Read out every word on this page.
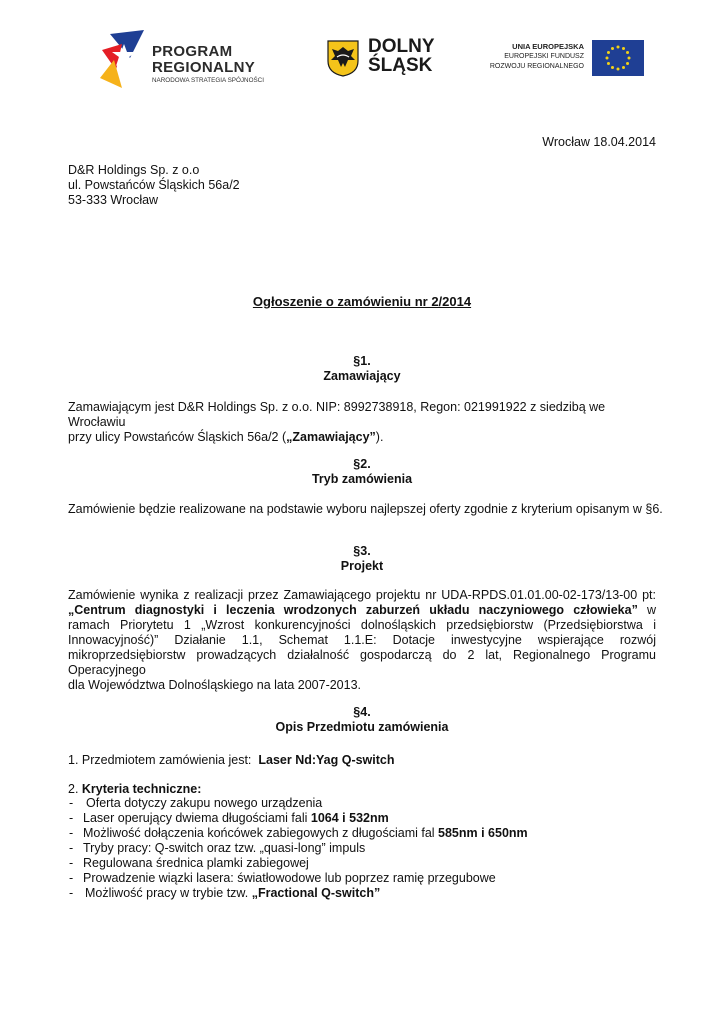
PROGRAM
REGIONALNY
NARODOWA STRATEGIA SPÓJNOŚCI
DOLNY
ŚLĄSK
UNIA EUROPEJSKA
EUROPEJSKI FUNDUSZ
ROZWOJU REGIONALNEGO
Wrocław 18.04.2014
D&R Holdings Sp. z o.o
ul. Powstańców Śląskich 56a/2
53-333 Wrocław
Ogłoszenie o zamówieniu nr 2/2014
§1.
Zamawiający
Zamawiającym jest D&R Holdings Sp. z o.o. NIP: 8992738918, Regon: 021991922 z siedzibą we Wrocławiu
przy ulicy Powstańców Śląskich 56a/2 („Zamawiający”).
§2.
Tryb zamówienia
Zamówienie będzie realizowane na podstawie wyboru najlepszej oferty zgodnie z kryterium opisanym w §6.
§3.
Projekt
Zamówienie wynika z realizacji przez Zamawiającego projektu nr UDA-RPDS.01.01.00-02-173/13-00 pt:
„Centrum diagnostyki i leczenia wrodzonych zaburzeń układu naczyniowego człowieka” w
ramach Priorytetu 1 „Wzrost konkurencyjności dolnośląskich przedsiębiorstw (Przedsiębiorstwa i
Innowacyjność)” Działanie 1.1, Schemat 1.1.E: Dotacje inwestycyjne wspierające rozwój
mikroprzedsiębiorstw prowadzących działalność gospodarczą do 2 lat, Regionalnego Programu Operacyjnego
dla Województwa Dolnośląskiego na lata 2007-2013.
§4.
Opis Przedmiotu zamówienia
1. Przedmiotem zamówienia jest:  Laser Nd:Yag Q-switch
2. Kryteria techniczne:
- Oferta dotyczy zakupu nowego urządzenia
- Laser operujący dwiema długościami fali 1064 i 532nm
- Możliwość dołączenia końcówek zabiegowych z długościami fal 585nm i 650nm
- Tryby pracy: Q-switch oraz tzw. „quasi-long” impuls
- Regulowana średnica plamki zabiegowej
- Prowadzenie wiązki lasera: światłowodowe lub poprzez ramię przegubowe
- Możliwość pracy w trybie tzw. „Fractional Q-switch”
